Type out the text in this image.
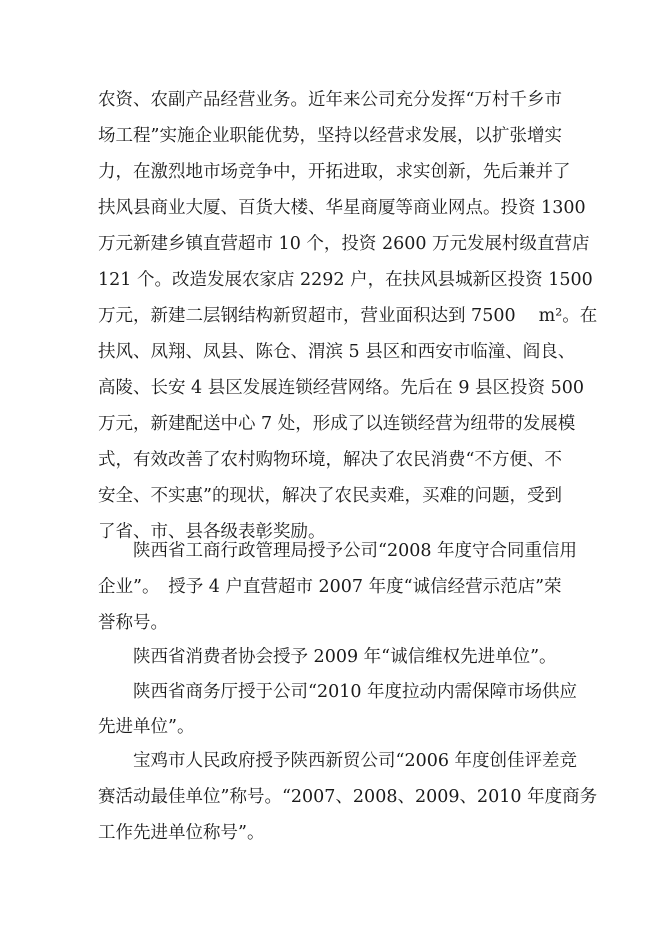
农资、农副产品经营业务。近年来公司充分发挥“万村千乡市
场工程”实施企业职能优势，坚持以经营求发展，以扩张增实
力，在激烈地市场竞争中，开拓进取，求实创新，先后兼并了
扶风县商业大厦、百货大楼、华星商厦等商业网点。投资 1300
万元新建乡镇直营超市 10 个，投资 2600 万元发展村级直营店
121 个。改造发展农家店 2292 户，在扶风县城新区投资 1500
万元，新建二层钢结构新贸超市，营业面积达到 7500　 m²。在
扶风、凤翔、凤县、陈仓、渭滨 5 县区和西安市临潼、阎良、
高陵、长安 4 县区发展连锁经营网络。先后在 9 县区投资 500
万元，新建配送中心 7 处，形成了以连锁经营为纽带的发展模
式，有效改善了农村购物环境，解决了农民消费“不方便、不
安全、不实惠”的现状，解决了农民卖难，买难的问题，受到
了省、市、县各级表彰奖励。
陕西省工商行政管理局授予公司“2008 年度守合同重信用
企业”。　授予 4 户直营超市 2007 年度“诚信经营示范店”荣
誉称号。
陕西省消费者协会授予 2009 年“诚信维权先进单位”。
陕西省商务厅授于公司“2010 年度拉动内需保障市场供应
先进单位”。
宝鸡市人民政府授予陕西新贸公司“2006 年度创佳评差竞
赛活动最佳单位”称号。“2007、2008、2009、2010 年度商务
工作先进单位称号”。
